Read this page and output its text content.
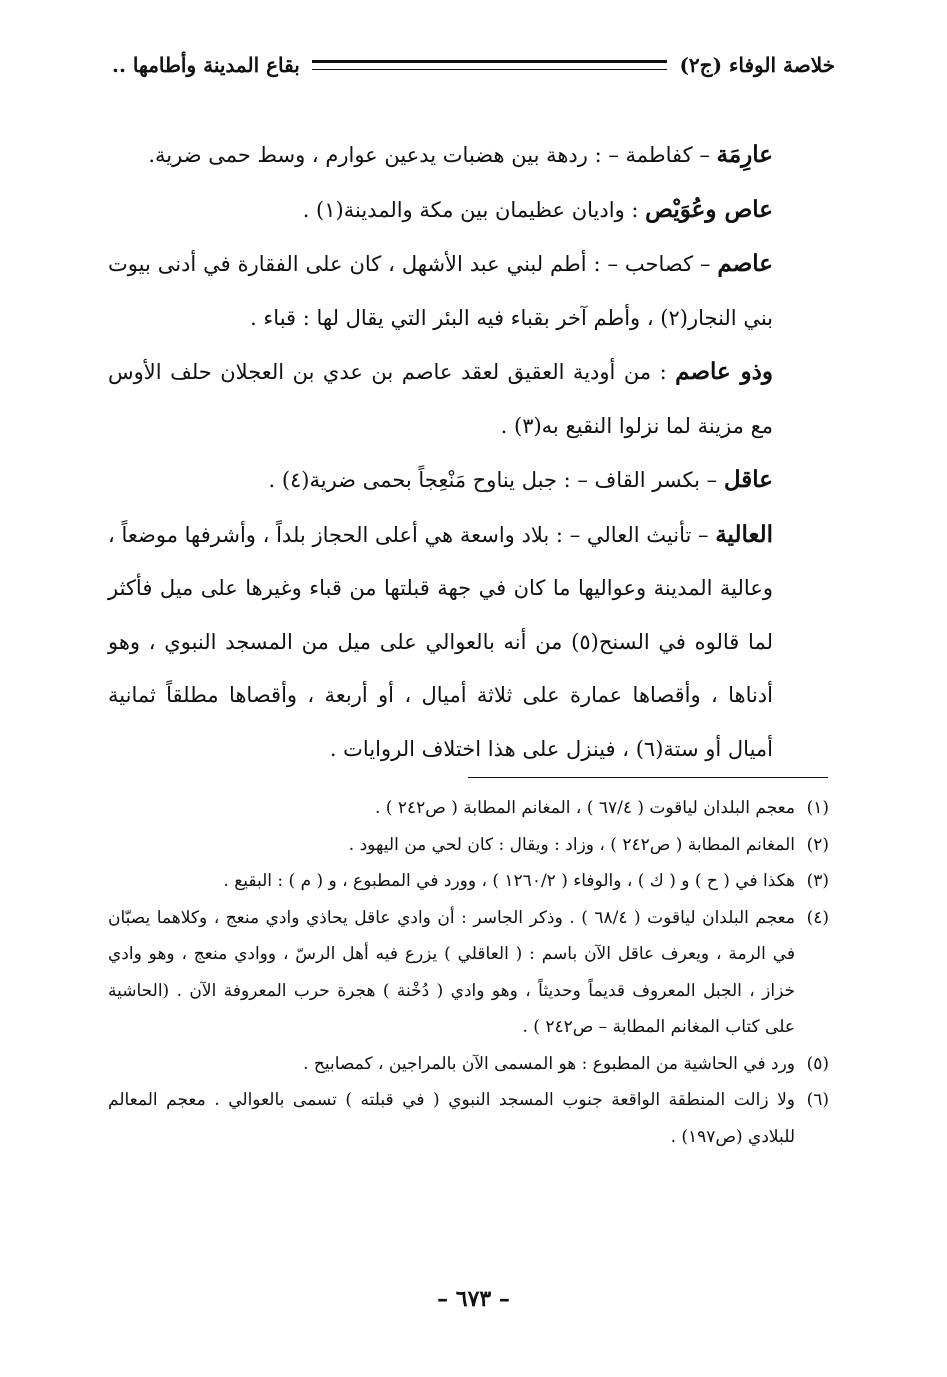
خلاصة الوفاء (ج٢)
بقاع المدينة وأطامها ..

عارِمَة – كفاطمة – : ردهة بين هضبات يدعين عوارم ، وسط حمى ضرية.

عاص وعُوَيْص : واديان عظيمان بين مكة والمدينة(١) .

عاصم – كصاحب – : أطم لبني عبد الأشهل ، كان على الفقارة في أدنى بيوت بني النجار(٢) ، وأطم آخر بقباء فيه البئر التي يقال لها : قباء .

وذو عاصم : من أودية العقيق لعقد عاصم بن عدي بن العجلان حلف الأوس مع مزينة لما نزلوا النقيع به(٣) .

عاقل – بكسر القاف – : جبل يناوح مَنْعِجاً بحمى ضرية(٤) .

العالية – تأنيث العالي – : بلاد واسعة هي أعلى الحجاز بلداً ، وأشرفها موضعاً ، وعالية المدينة وعواليها ما كان في جهة قبلتها من قباء وغيرها على ميل فأكثر لما قالوه في السنح(٥) من أنه بالعوالي على ميل من المسجد النبوي ، وهو أدناها ، وأقصاها عمارة على ثلاثة أميال ، أو أربعة ، وأقصاها مطلقاً ثمانية أميال أو ستة(٦) ، فينزل على هذا اختلاف الروايات .

(١)
معجم البلدان لياقوت ( ٦٧/٤ ) ، المغانم المطابة ( ص٢٤٢ ) .
(٢)
المغانم المطابة ( ص٢٤٢ ) ، وزاد : ويقال : كان لحي من اليهود .
(٣)
هكذا في ( ح ) و ( ك ) ، والوفاء ( ١٢٦٠/٢ ) ، وورد في المطبوع ، و ( م ) : البقيع .
(٤)
معجم البلدان لياقوت ( ٦٨/٤ ) . وذكر الجاسر : أن وادي عاقل يحاذي وادي منعج ، وكلاهما يصبّان في الرمة ، ويعرف عاقل الآن باسم : ( العاقلي ) يزرع فيه أهل الرسّ ، ووادي منعج ، وهو وادي خزاز ، الجبل المعروف قديماً وحديثاً ، وهو وادي ( دُخْنة ) هجرة حرب المعروفة الآن . (الحاشية على كتاب المغانم المطابة – ص٢٤٢ ) .
(٥)
ورد في الحاشية من المطبوع : هو المسمى الآن بالمراجين ، كمصابيح .
(٦)
ولا زالت المنطقة الواقعة جنوب المسجد النبوي ( في قبلته ) تسمى بالعوالي . معجم المعالم للبلادي (ص١٩٧) .
– ٦٧٣ –
